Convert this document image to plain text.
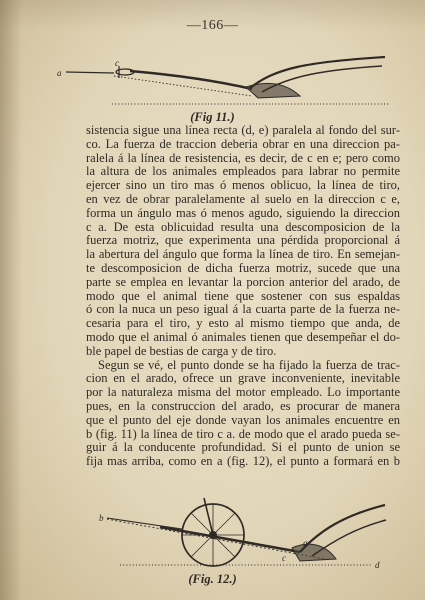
—166—
a
c
(Fig 11.)
sistencia sigue una línea recta (d, e) paralela al fondo del sur-
co. La fuerza de traccion deberia obrar en una direccion pa-
ralela á la línea de resistencia, es decir, de c en e; pero como
la altura de los animales empleados para labrar no permite
ejercer sino un tiro mas ó menos oblicuo, la línea de tiro,
en vez de obrar paralelamente al suelo en la direccion c e,
forma un ángulo mas ó menos agudo, siguiendo la direccion
c a. De esta oblicuidad resulta una descomposicion de la
fuerza motriz, que experimenta una pérdida proporcional á
la abertura del ángulo que forma la línea de tiro. En semejan-
te descomposicion de dicha fuerza motriz, sucede que una
parte se emplea en levantar la porcion anterior del arado, de
modo que el animal tiene que sostener con sus espaldas
ó con la nuca un peso igual á la cuarta parte de la fuerza ne-
cesaria para el tiro, y esto al mismo tiempo que anda, de
modo que el animal ó animales tienen que desempeñar el do-
ble papel de bestias de carga y de tiro.
Segun se vé, el punto donde se ha fijado la fuerza de trac-
cion en el arado, ofrece un grave inconveniente, inevitable
por la naturaleza misma del motor empleado. Lo importante
pues, en la construccion del arado, es procurar de manera
que el punto del eje donde vayan los animales encuentre en
b (fig. 11) la línea de tiro c a. de modo que el arado pueda se-
guir á la conducente profundidad. Si el punto de union se
fija mas arriba, como en a (fig. 12), el punto a formará en b
b
a
c
d
(Fig. 12.)
